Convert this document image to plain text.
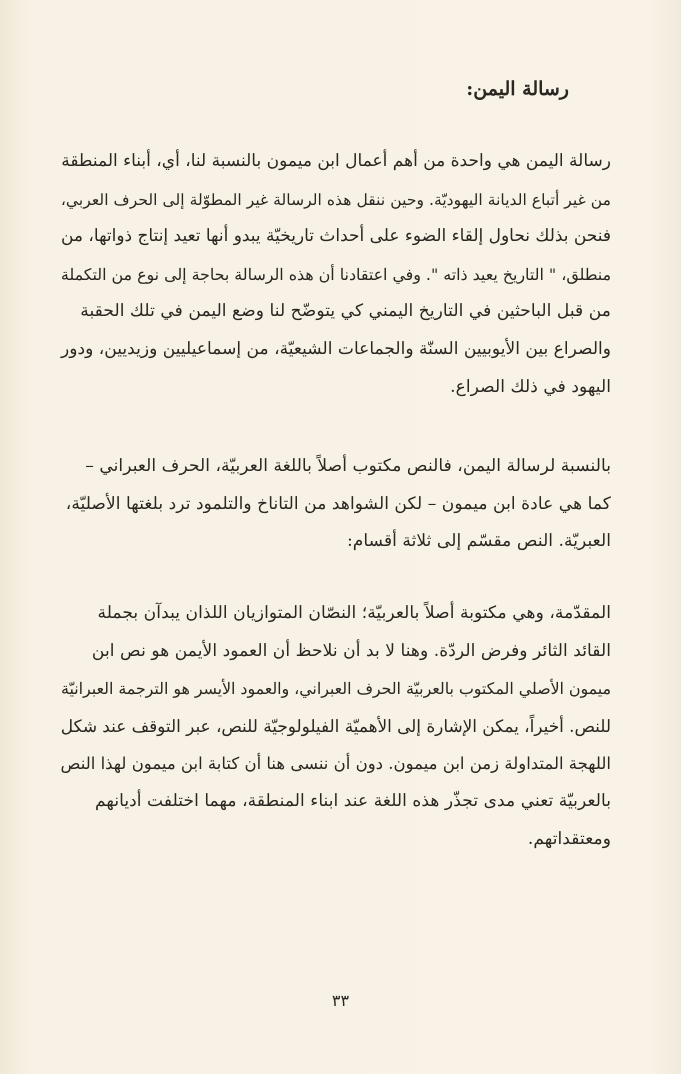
رسالة اليمن:
رسالة اليمن هي واحدة من أهم أعمال ابن ميمون بالنسبة لنا، أي، أبناء المنطقة
من غير أتباع الديانة اليهوديّة. وحين ننقل هذه الرسالة غير المطوّلة إلى الحرف العربي،
فنحن بذلك نحاول إلقاء الضوء على أحداث تاريخيّة يبدو أنها تعيد إنتاج ذواتها، من
منطلق، " التاريخ يعيد ذاته ". وفي اعتقادنا أن هذه الرسالة بحاجة إلى نوع من التكملة
من قبل الباحثين في التاريخ اليمني كي يتوضّح لنا وضع اليمن في تلك الحقبة
والصراع بين الأيوبيين السنّة والجماعات الشيعيّة، من إسماعيليين وزيديين، ودور
اليهود في ذلك الصراع.
بالنسبة لرسالة اليمن، فالنص مكتوب أصلاً باللغة العربيّة، الحرف العبراني –
كما هي عادة ابن ميمون – لكن الشواهد من التاناخ والتلمود ترد بلغتها الأصليّة،
العبريّة. النص مقسّم إلى ثلاثة أقسام:
المقدّمة، وهي مكتوبة أصلاً بالعربيّة؛ النصّان المتوازيان اللذان يبدآن بجملة
القائد الثائر وفرض الردّة. وهنا لا بد أن نلاحظ أن العمود الأيمن هو نص ابن
ميمون الأصلي المكتوب بالعربيّة الحرف العبراني، والعمود الأيسر هو الترجمة العبرانيّة
للنص. أخيراً، يمكن الإشارة إلى الأهميّة الفيلولوجيّة للنص، عبر التوقف عند شكل
اللهجة المتداولة زمن ابن ميمون. دون أن ننسى هنا أن كتابة ابن ميمون لهذا النص
بالعربيّة تعني مدى تجذّر هذه اللغة عند ابناء المنطقة، مهما اختلفت أديانهم
ومعتقداتهم.
٣٣
